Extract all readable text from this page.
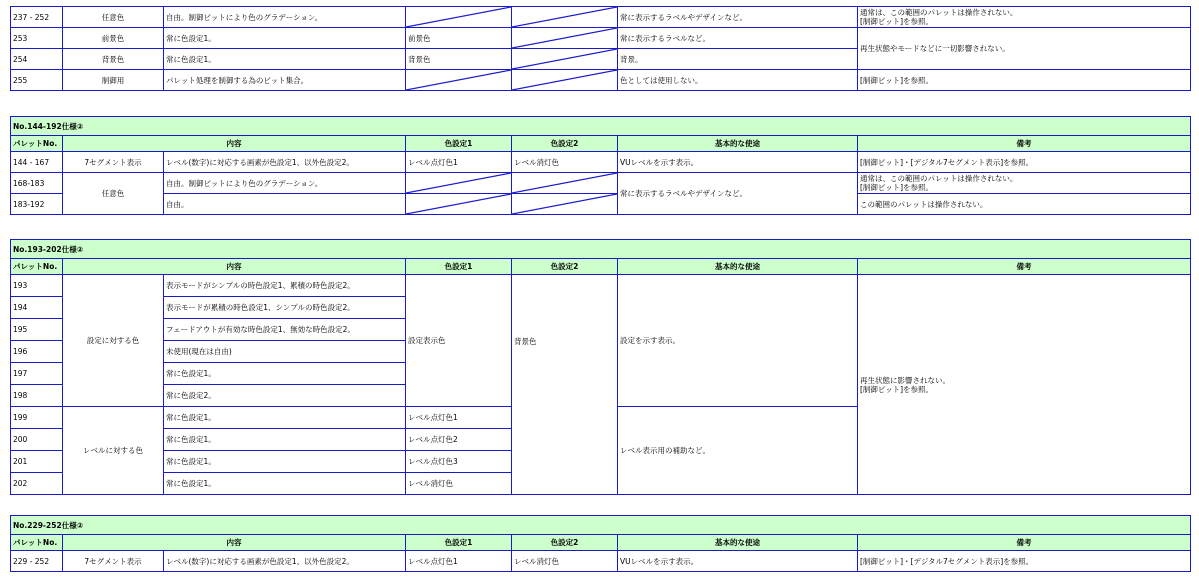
237 - 252	任意色	自由。制御ビットにより色のグラデーション。			常に表示するラベルやデザインなど。	通常は、この範囲のパレットは操作されない。
[制御ビット]を参照。
253	前景色	常に色設定1。	前景色		常に表示するラベルなど。	再生状態やモードなどに一切影響されない。
254	背景色	常に色設定1。	背景色		背景。	
255	制御用	パレット処理を制御する為のビット集合。			色としては使用しない。	[制御ビット]を参照。
No.144-192仕様②						
パレットNo.	内容		色設定1	色設定2	基本的な使途	備考
144 - 167	7セグメント表示	レベル(数字)に対応する画素が色設定1、以外色設定2。	レベル点灯色1	レベル消灯色	VUレベルを示す表示。	[制御ビット]・[デジタル7セグメント表示]を参照。
168-183	任意色	自由。制御ビットにより色のグラデーション。			常に表示するラベルやデザインなど。	通常は、この範囲のパレットは操作されない。
[制御ビット]を参照。
183-192		自由。				この範囲のパレットは操作されない。
No.193-202仕様②						
パレットNo.	内容		色設定1	色設定2	基本的な使途	備考
193	設定に対する色	表示モードがシンプルの時色設定1、累積の時色設定2。	設定表示色	背景色	設定を示す表示。	再生状態に影響されない。
[制御ビット]を参照。
194		表示モードが累積の時色設定1、シンプルの時色設定2。				
195		フェードアウトが有効な時色設定1、無効な時色設定2。				
196		未使用(現在は自由)				
197		常に色設定1。				
198		常に色設定2。				
199	レベルに対する色	常に色設定1。	レベル点灯色1		レベル表示用の補助など。	
200		常に色設定1。	レベル点灯色2			
201		常に色設定1。	レベル点灯色3			
202		常に色設定1。	レベル消灯色			
No.229-252仕様②						
パレットNo.	内容		色設定1	色設定2	基本的な使途	備考
229 - 252	7セグメント表示	レベル(数字)に対応する画素が色設定1、以外色設定2。	レベル点灯色1	レベル消灯色	VUレベルを示す表示。	[制御ビット]・[デジタル7セグメント表示]を参照。
